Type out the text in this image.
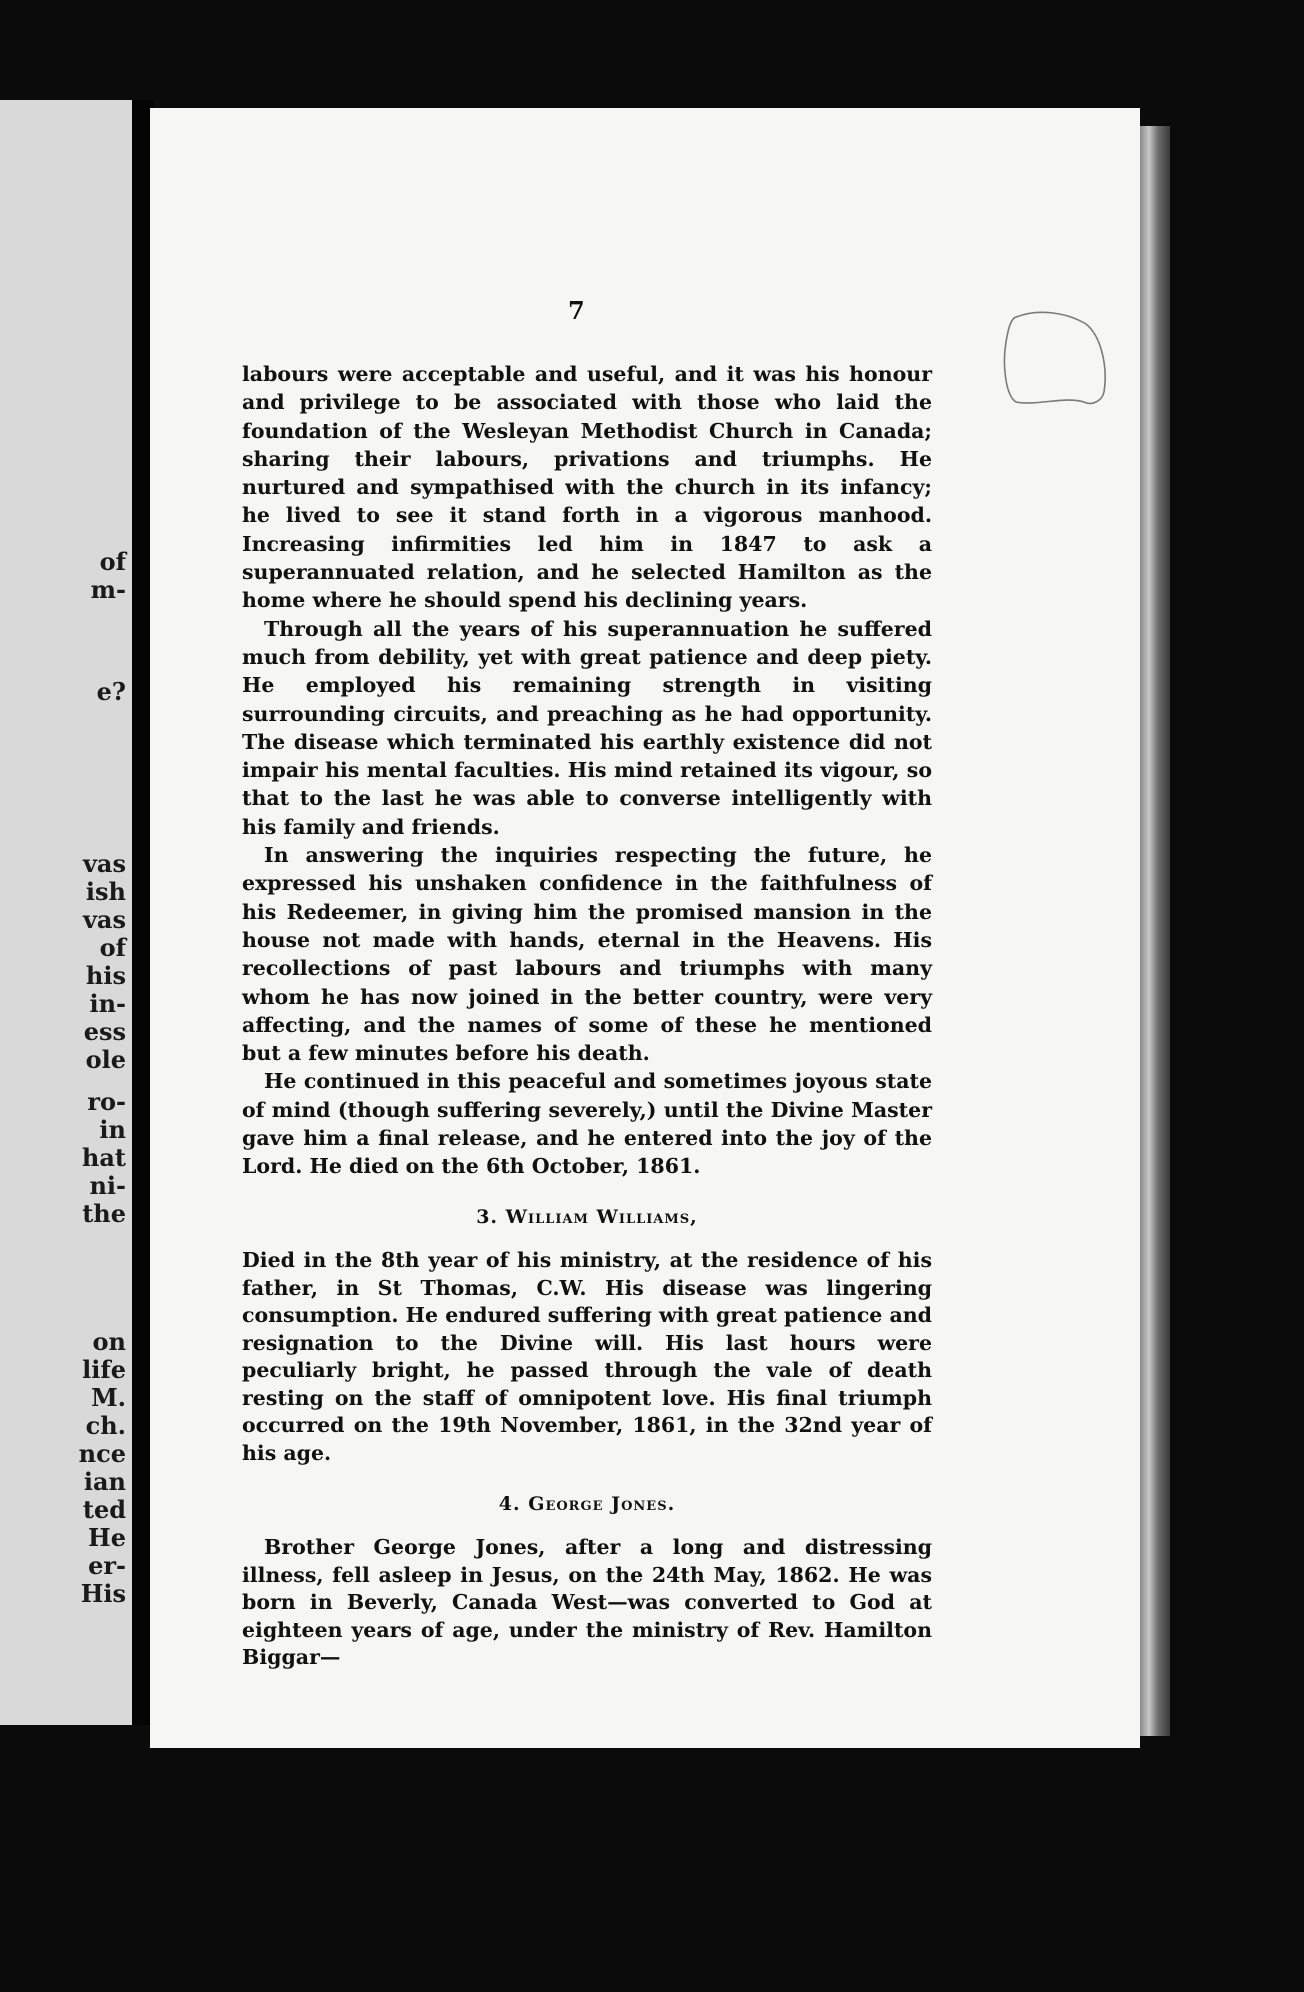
of
m-
e?
vas
ish
vas
of
his
in-
ess
ole
ro-
in
hat
ni-
the
on
life
M.
ch.
nce
ian
ted
He
er-
His
7

labours were acceptable and useful, and it was his honour and privilege to be associated with those who laid the foundation of the Wesleyan Methodist Church in Canada; sharing their labours, privations and triumphs. He nurtured and sympathised with the church in its infancy; he lived to see it stand forth in a vigorous manhood. Increasing infirmities led him in 1847 to ask a superannuated relation, and he selected Hamilton as the home where he should spend his declining years.

Through all the years of his superannuation he suffered much from debility, yet with great patience and deep piety. He employed his remaining strength in visiting surrounding circuits, and preaching as he had opportunity. The disease which terminated his earthly existence did not impair his mental faculties. His mind retained its vigour, so that to the last he was able to converse intelligently with his family and friends.

In answering the inquiries respecting the future, he expressed his unshaken confidence in the faithfulness of his Redeemer, in giving him the promised mansion in the house not made with hands, eternal in the Heavens. His recollections of past labours and triumphs with many whom he has now joined in the better country, were very affecting, and the names of some of these he mentioned but a few minutes before his death.

He continued in this peaceful and sometimes joyous state of mind (though suffering severely,) until the Divine Master gave him a final release, and he entered into the joy of the Lord. He died on the 6th October, 1861.

3. William Williams,

Died in the 8th year of his ministry, at the residence of his father, in St Thomas, C.W. His disease was lingering consumption. He endured suffering with great patience and resignation to the Divine will. His last hours were peculiarly bright, he passed through the vale of death resting on the staff of omnipotent love. His final triumph occurred on the 19th November, 1861, in the 32nd year of his age.

4. George Jones.

Brother George Jones, after a long and distressing illness, fell asleep in Jesus, on the 24th May, 1862. He was born in Beverly, Canada West—was converted to God at eighteen years of age, under the ministry of Rev. Hamilton Biggar—
